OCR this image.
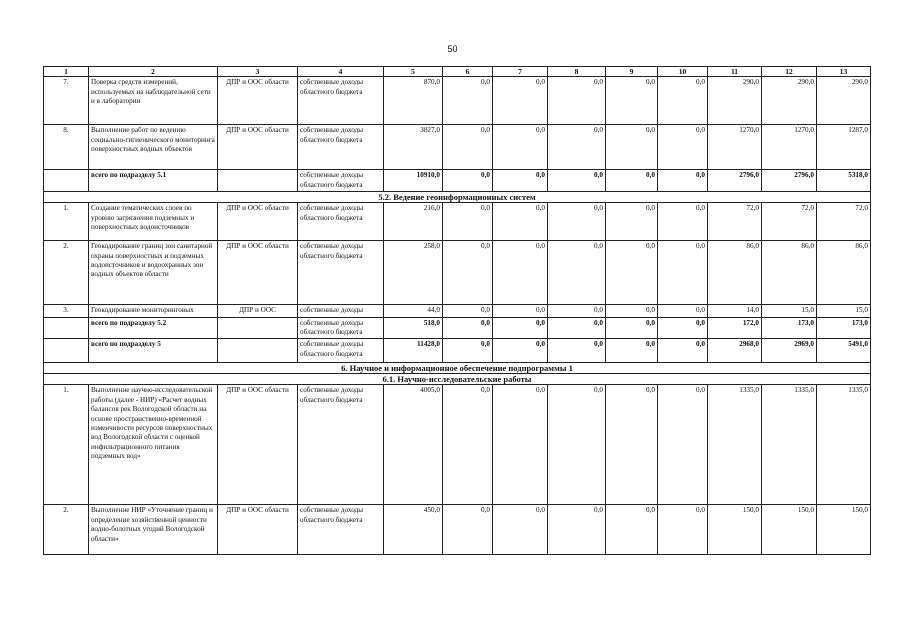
50
1	2	3	4	5	6	7	8	9	10	11	12	13
7.	Поверка средств измерений, используемых на наблюдательной сети и в лаборатории	ДПР и ООС области	собственные доходы областного бюджета	870,0	0,0	0,0	0,0	0,0	0,0	290,0	290,0	290,0
8.	Выполнение работ по ведению социально-гигиенического мониторинга поверхностных водных объектов	ДПР и ООС области	собственные доходы областного бюджета	3827,0	0,0	0,0	0,0	0,0	0,0	1270,0	1270,0	1287,0
	всего по подразделу 5.1		собственные доходы областного бюджета	10910,0	0,0	0,0	0,0	0,0	0,0	2796,0	2796,0	5318,0
5.2. Ведение геоинформационных систем												
1.	Создание тематических слоев по уровню загрязнения подземных и поверхностных водоисточников	ДПР и ООС области	собственные доходы областного бюджета	216,0	0,0	0,0	0,0	0,0	0,0	72,0	72,0	72,0
2.	Геокодирование границ зон санитарной охраны поверхностных и подземных водоисточников и водоохранных зон водных объектов области	ДПР и ООС области	собственные доходы областного бюджета	258,0	0,0	0,0	0,0	0,0	0,0	86,0	86,0	86,0
3.	Геокодирование мониторинговых	ДПР и ООС	собственные доходы	44,0	0,0	0,0	0,0	0,0	0,0	14,0	15,0	15,0
	всего по подразделу 5.2		собственные доходы областного бюджета	518,0	0,0	0,0	0,0	0,0	0,0	172,0	173,0	173,0
	всего по подразделу 5		собственные доходы областного бюджета	11428,0	0,0	0,0	0,0	0,0	0,0	2968,0	2969,0	5491,0
6. Научное и информационное обеспечение подпрограммы 1												
6.1. Научно-исследовательские работы												
1.	Выполнение научно-исследовательской работы (далее - НИР) «Расчет водных балансов рек Вологодской области на основе пространственно-временной изменчивости ресурсов поверхностных вод Вологодской области с оценкой инфильтрационного питания подземных вод»	ДПР и ООС области	собственные доходы областного бюджета	4005,0	0,0	0,0	0,0	0,0	0,0	1335,0	1335,0	1335,0
2.	Выполнение НИР «Уточнение границ и определение хозяйственной ценности водно-болотных угодий Вологодской области»	ДПР и ООС области	собственные доходы областного бюджета	450,0	0,0	0,0	0,0	0,0	0,0	150,0	150,0	150,0
